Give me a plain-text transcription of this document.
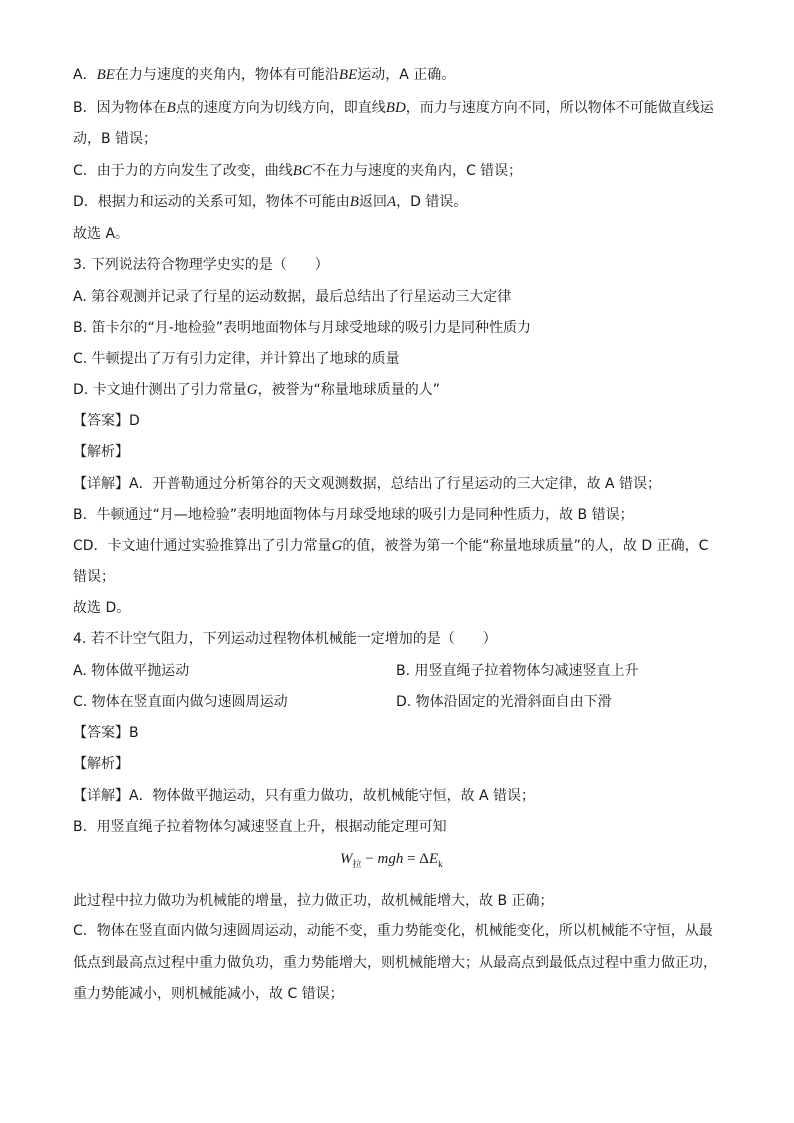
A．BE在力与速度的夹角内，物体有可能沿BE运动，A 正确。
B．因为物体在B点的速度方向为切线方向，即直线BD，而力与速度方向不同，所以物体不可能做直线运
动，B 错误；
C．由于力的方向发生了改变，曲线BC不在力与速度的夹角内，C 错误；
D．根据力和运动的关系可知，物体不可能由B返回A，D 错误。
故选 A。
3. 下列说法符合物理学史实的是（　　）
A. 第谷观测并记录了行星的运动数据，最后总结出了行星运动三大定律
B. 笛卡尔的“月-地检验”表明地面物体与月球受地球的吸引力是同种性质力
C. 牛顿提出了万有引力定律，并计算出了地球的质量
D. 卡文迪什测出了引力常量G，被誉为“称量地球质量的人”
【答案】D
【解析】
【详解】A．开普勒通过分析第谷的天文观测数据，总结出了行星运动的三大定律，故 A 错误；
B．牛顿通过“月—地检验”表明地面物体与月球受地球的吸引力是同种性质力，故 B 错误；
CD．卡文迪什通过实验推算出了引力常量G的值，被誉为第一个能“称量地球质量”的人，故 D 正确，C
错误；
故选 D。
4. 若不计空气阻力，下列运动过程物体机械能一定增加的是（　　）
A. 物体做平抛运动	B. 用竖直绳子拉着物体匀减速竖直上升
C. 物体在竖直面内做匀速圆周运动	D. 物体沿固定的光滑斜面自由下滑
【答案】B
【解析】
【详解】A．物体做平抛运动，只有重力做功，故机械能守恒，故 A 错误；
B．用竖直绳子拉着物体匀减速竖直上升，根据动能定理可知
$W_拉$ − mgh = $\Delta E_k$
此过程中拉力做功为机械能的增量，拉力做正功，故机械能增大，故 B 正确；
C．物体在竖直面内做匀速圆周运动，动能不变，重力势能变化，机械能变化，所以机械能不守恒，从最
低点到最高点过程中重力做负功，重力势能增大，则机械能增大；从最高点到最低点过程中重力做正功，
重力势能减小，则机械能减小，故 C 错误；
